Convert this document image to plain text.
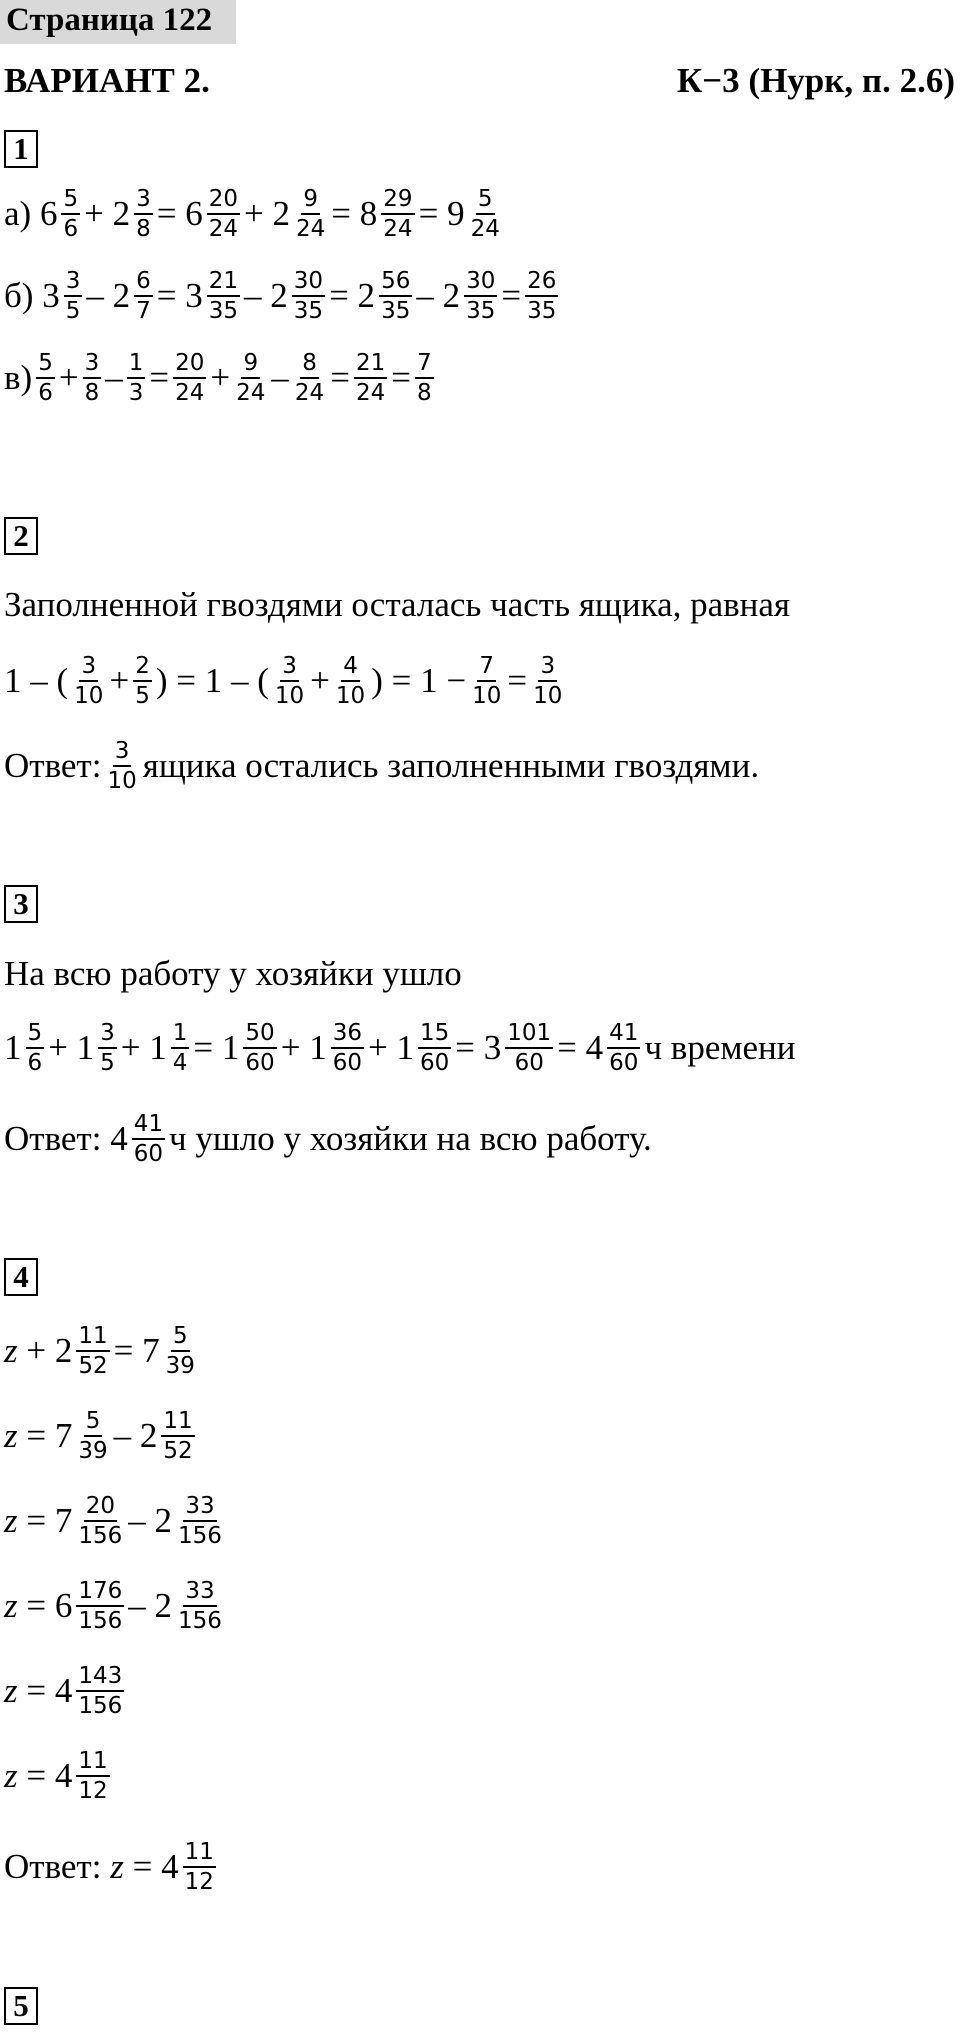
Страница 122
ВАРИАНТ 2.	К−3 (Нурк, п. 2.6)
1
2
3
4
5
Заполненной гвоздями осталась часть ящика, равная
На всю работу у хозяйки ушло
а) $6 \frac{5}{6} + 2 \frac{3}{8} = 6 \frac{20}{24} + 2 \frac{9}{24} = 8 \frac{29}{24} = 9 \frac{5}{24}$
б) $3 \frac{3}{5} - 2 \frac{6}{7} = 3 \frac{21}{35} - 2 \frac{30}{35} = 2 \frac{56}{35} - 2 \frac{30}{35} = \frac{26}{35}$
$в) \frac{5}{6} + \frac{3}{8} - \frac{1}{3} = \frac{20}{24} + \frac{9}{24} - \frac{8}{24} = \frac{21}{24} = \frac{7}{8}$
1 – ( $\frac{3}{10} + \frac{2}{5}$ ) = 1 – ( $\frac{3}{10} + \frac{4}{10}$ ) = $1 - \frac{7}{10} = \frac{3}{10}$
$1 \frac{5}{6} + 1 \frac{3}{5} + 1 \frac{1}{4} = 1 \frac{50}{60} + 1 \frac{36}{60} + 1 \frac{15}{60} = 3 \frac{101}{60} = 4 \frac{41}{60}$ ч времени
$z + 2 \frac{11}{52} = 7 \frac{5}{39}$
$z = 7 \frac{5}{39} - 2 \frac{11}{52}$
$z = 7 \frac{20}{156} - 2 \frac{33}{156}$
$z = 6 \frac{176}{156} - 2 \frac{33}{156}$
$z = 4 \frac{143}{156}$
$z = 4 \frac{11}{12}$
Ответ: $\frac{3}{10}$ ящика остались заполненными гвоздями.
Ответ: $4 \frac{41}{60}$ ч ушло у хозяйки на всю работу.
Ответ: $z = 4 \frac{11}{12}$
